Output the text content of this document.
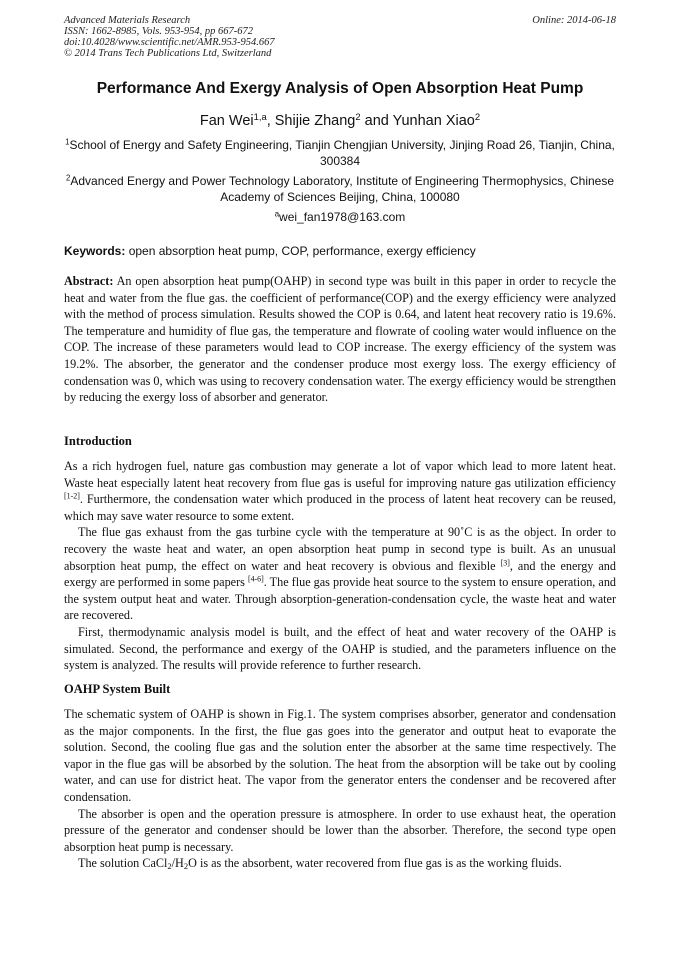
Advanced Materials Research
ISSN: 1662-8985, Vols. 953-954, pp 667-672
doi:10.4028/www.scientific.net/AMR.953-954.667
© 2014 Trans Tech Publications Ltd, Switzerland
Online: 2014-06-18
Performance And Exergy Analysis of Open Absorption Heat Pump
Fan Wei$^{1,a}$, Shijie Zhang$^2$ and Yunhan Xiao$^2$
$^1$School of Energy and Safety Engineering, Tianjin Chengjian University, Jinjing Road 26, Tianjin, China, 300384
$^2$Advanced Energy and Power Technology Laboratory, Institute of Engineering Thermophysics, Chinese Academy of Sciences Beijing, China, 100080
$^a$wei_fan1978@163.com
Keywords: open absorption heat pump, COP, performance, exergy efficiency

Abstract: An open absorption heat pump(OAHP) in second type was built in this paper in order to recycle the heat and water from the flue gas. the coefficient of performance(COP) and the exergy efficiency were analyzed with the method of process simulation. Results showed the COP is 0.64, and latent heat recovery ratio is 19.6%. The temperature and humidity of flue gas, the temperature and flowrate of cooling water would influence on the COP. The increase of these parameters would lead to COP increase. The exergy efficiency of the system was 19.2%. The absorber, the generator and the condenser produce most exergy loss. The exergy efficiency of condensation was 0, which was using to recovery condensation water. The exergy efficiency would be strengthen by reducing the exergy loss of absorber and generator.

Introduction

As a rich hydrogen fuel, nature gas combustion may generate a lot of vapor which lead to more latent heat. Waste heat especially latent heat recovery from flue gas is useful for improving nature gas utilization efficiency [1-2]. Furthermore, the condensation water which produced in the process of latent heat recovery can be reused, which may save water resource to some extent.

The flue gas exhaust from the gas turbine cycle with the temperature at 90˚C is as the object. In order to recovery the waste heat and water, an open absorption heat pump in second type is built. As an unusual absorption heat pump, the effect on water and heat recovery is obvious and flexible [3], and the energy and exergy are performed in some papers [4-6]. The flue gas provide heat source to the system to ensure operation, and the system output heat and water. Through absorption-generation-condensation cycle, the waste heat and water are recovered.

First, thermodynamic analysis model is built, and the effect of heat and water recovery of the OAHP is simulated. Second, the performance and exergy of the OAHP is studied, and the parameters influence on the system is analyzed. The results will provide reference to further research.

OAHP System Built

The schematic system of OAHP is shown in Fig.1. The system comprises absorber, generator and condensation as the major components. In the first, the flue gas goes into the generator and output heat to evaporate the solution. Second, the cooling flue gas and the solution enter the absorber at the same time respectively. The vapor in the flue gas will be absorbed by the solution. The heat from the absorption will be take out by cooling water, and can use for district heat. The vapor from the generator enters the condenser and be recovered after condensation.

The absorber is open and the operation pressure is atmosphere. In order to use exhaust heat, the operation pressure of the generator and condenser should be lower than the absorber. Therefore, the second type open absorption heat pump is necessary.

The solution $CaCl_2/H_2O$ is as the absorbent, water recovered from flue gas is as the working fluids.
